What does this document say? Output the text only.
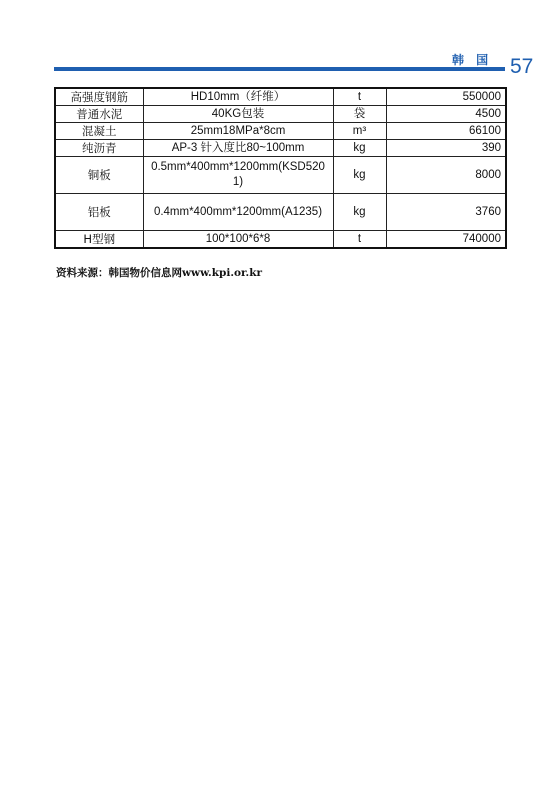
韩 国 57
高强度钢筋	HD10mm（纤维）	t	550000
普通水泥	40KG包装	袋	4500
混凝土	25mm18MPa*8cm	m³	66100
纯沥青	AP-3 针入度比80~100mm	kg	390
铜板	0.5mm*400mm*1200mm(KSD5201)	kg	8000
铝板	0.4mm*400mm*1200mm(A1235)	kg	3760
H型钢	100*100*6*8	t	740000
资料来源：韩国物价信息网www.kpi.or.kr
